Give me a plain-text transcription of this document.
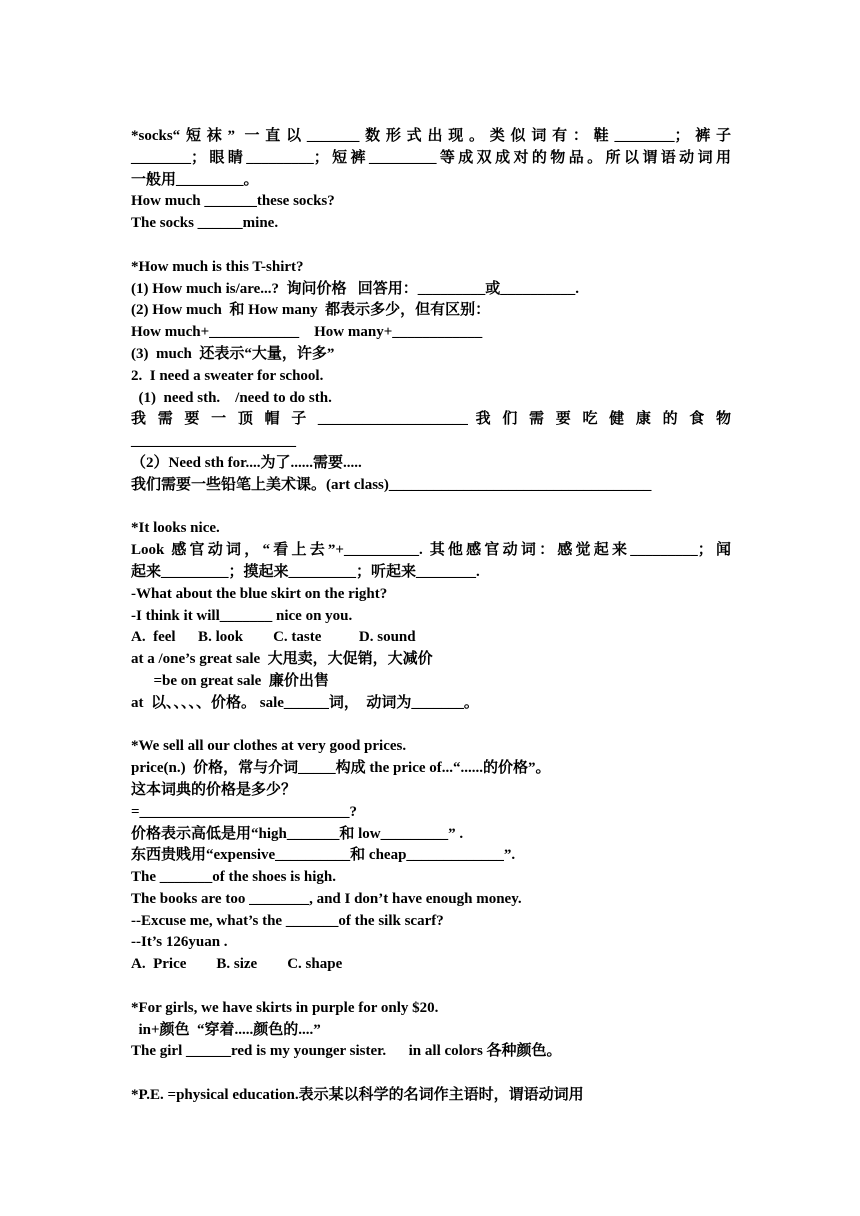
*socks“短袜” 一直以_______数形式出现。类似词有：鞋________；裤子
________；眼睛_________；短裤_________等成双成对的物品。所以谓语动词用
一般用_________。
How much _______these socks?
The socks ______mine.
*How much is this T-shirt?
(1) How much is/are...?  询问价格   回答用：_________或__________.
(2) How much  和 How many  都表示多少，但有区别：
How much+____________    How many+____________
(3)  much  还表示“大量，许多”
2.  I need a sweater for school.
(1)  need sth.    /need to do sth.
我 需 要 一 顶 帽 子 ____________________ 我 们 需 要 吃 健 康 的 食 物
______________________
（2）Need sth for....为了......需要.....
我们需要一些铅笔上美术课。(art class)___________________________________
*It looks nice.
Look 感官动词，“看上去”+__________. 其他感官动词：感觉起来_________；闻
起来_________；摸起来_________；听起来________.
-What about the blue skirt on the right?
-I think it will_______ nice on you.
A.  feel      B. look        C. taste          D. sound
at a /one’s great sale  大甩卖，大促销，大减价
=be on great sale  廉价出售
at  以、、、、、价格。 sale______词，  动词为_______。
*We sell all our clothes at very good prices.
price(n.)  价格，常与介词_____构成 the price of...“......的价格”。
这本词典的价格是多少？
=____________________________?
价格表示高低是用“high_______和 low_________” .
东西贵贱用“expensive__________和 cheap_____________”.
The _______of the shoes is high.
The books are too ________, and I don’t have enough money.
--Excuse me, what’s the _______of the silk scarf?
--It’s 126yuan .
A.  Price        B. size        C. shape
*For girls, we have skirts in purple for only $20.
in+颜色  “穿着.....颜色的....”
The girl ______red is my younger sister.      in all colors 各种颜色。
*P.E. =physical education.表示某以科学的名词作主语时，谓语动词用
